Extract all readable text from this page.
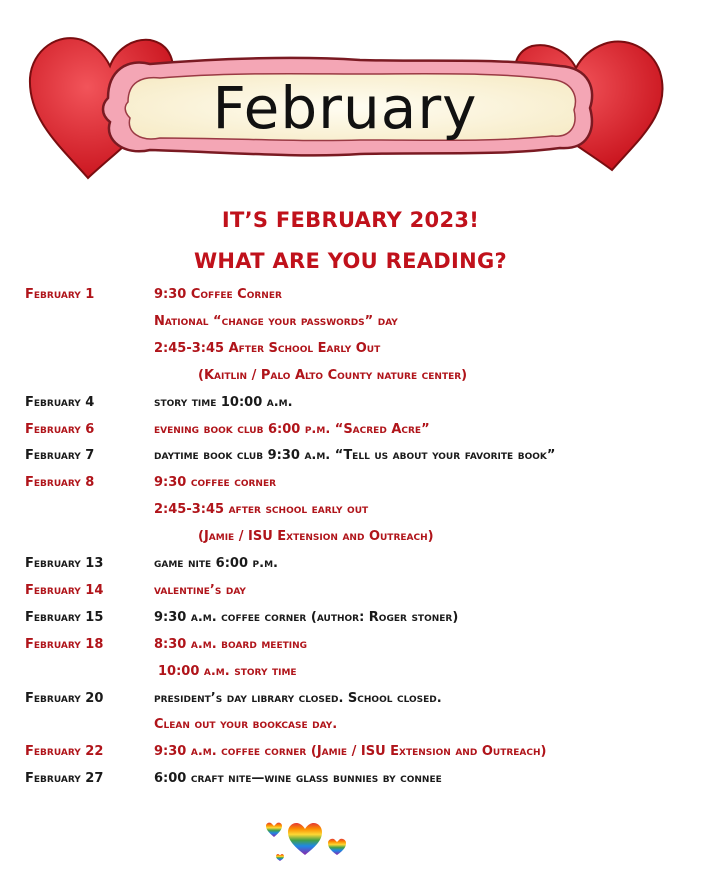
February
IT’S FEBRUARY 2023!
WHAT ARE YOU READING?
February 1	9:30 Coffee Corner
National “change your passwords” day
2:45-3:45 After School Early Out
(Kaitlin / Palo Alto County nature center)
February 4	story time 10:00 a.m.
February 6	evening book club 6:00 p.m. “Sacred Acre”
February 7	daytime book club 9:30 a.m. “Tell us about your favorite book”
February 8	9:30 coffee corner
2:45-3:45 after school early out
(Jamie / ISU Extension and Outreach)
February 13	game nite 6:00 p.m.
February 14	valentine’s day
February 15	9:30 a.m. coffee corner (author: Roger stoner)
February 18	8:30 a.m. board meeting
10:00 a.m. story time
February 20	president’s day library closed. School closed.
Clean out your bookcase day.
February 22	9:30 a.m. coffee corner (Jamie / ISU Extension and Outreach)
February 27	6:00 craft nite—wine glass bunnies by connee
